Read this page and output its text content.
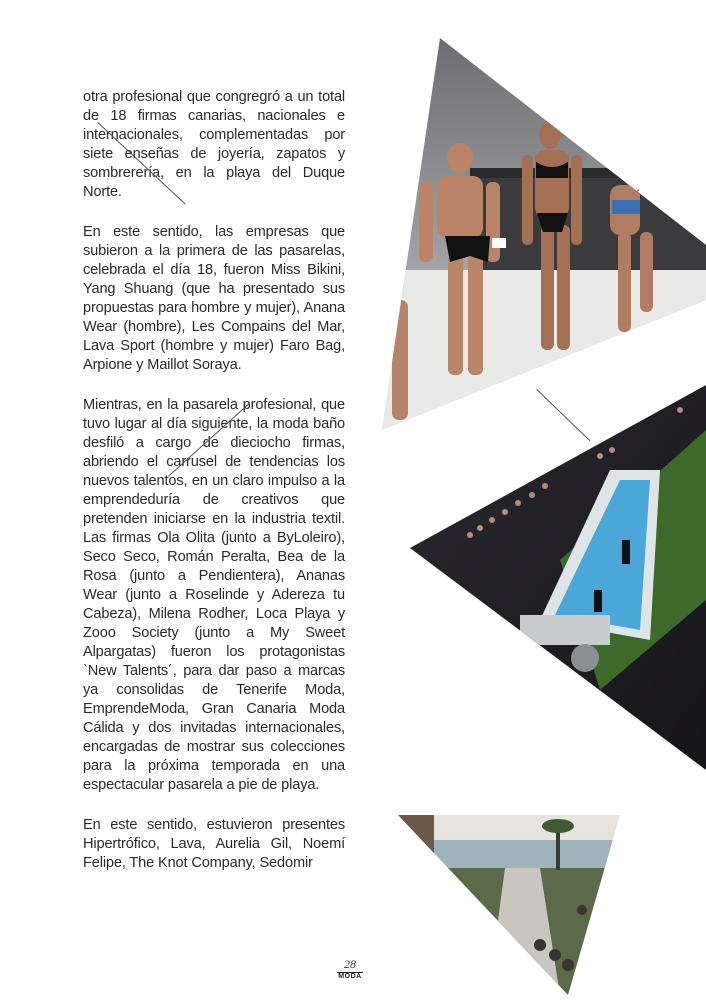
otra profesional que congregró a un total de 18 firmas canarias, nacionales e internacionales, complementadas por siete enseñas de joyería, zapatos y sombrerería, en la playa del Duque Norte.

En este sentido, las empresas que subieron a la primera de las pasarelas, celebrada el día 18, fueron Miss Bikini, Yang Shuang (que ha presentado sus propuestas para hombre y mujer), Anana Wear (hombre), Les Compains del Mar, Lava Sport (hombre y mujer) Faro Bag, Arpione y Maillot Soraya.

Mientras, en la pasarela profesional, que tuvo lugar al día siguiente, la moda baño desfiló a cargo de dieciocho firmas, abriendo el carrusel de tendencias los nuevos talentos, en un claro impulso a la emprendeduría de creativos que pretenden iniciarse en la industria textil. Las firmas Ola Olita (junto a ByLoleiro), Seco Seco, Román Peralta, Bea de la Rosa (junto a Pendientera), Ananas Wear (junto a Roselinde y Adereza tu Cabeza), Milena Rodher, Loca Playa y Zooo Society (junto a My Sweet Alpargatas) fueron los protagonistas `New Talents´, para dar paso a marcas ya consolidas de Tenerife Moda, EmprendeModa, Gran Canaria Moda Cálida y dos invitadas internacionales, encargadas de mostrar sus colecciones para la próxima temporada en una espectacular pasarela a pie de playa.

En este sentido, estuvieron presentes Hipertrófico, Lava, Aurelia Gil, Noemí Felipe, The Knot Company, Sedomir

28
MODA
